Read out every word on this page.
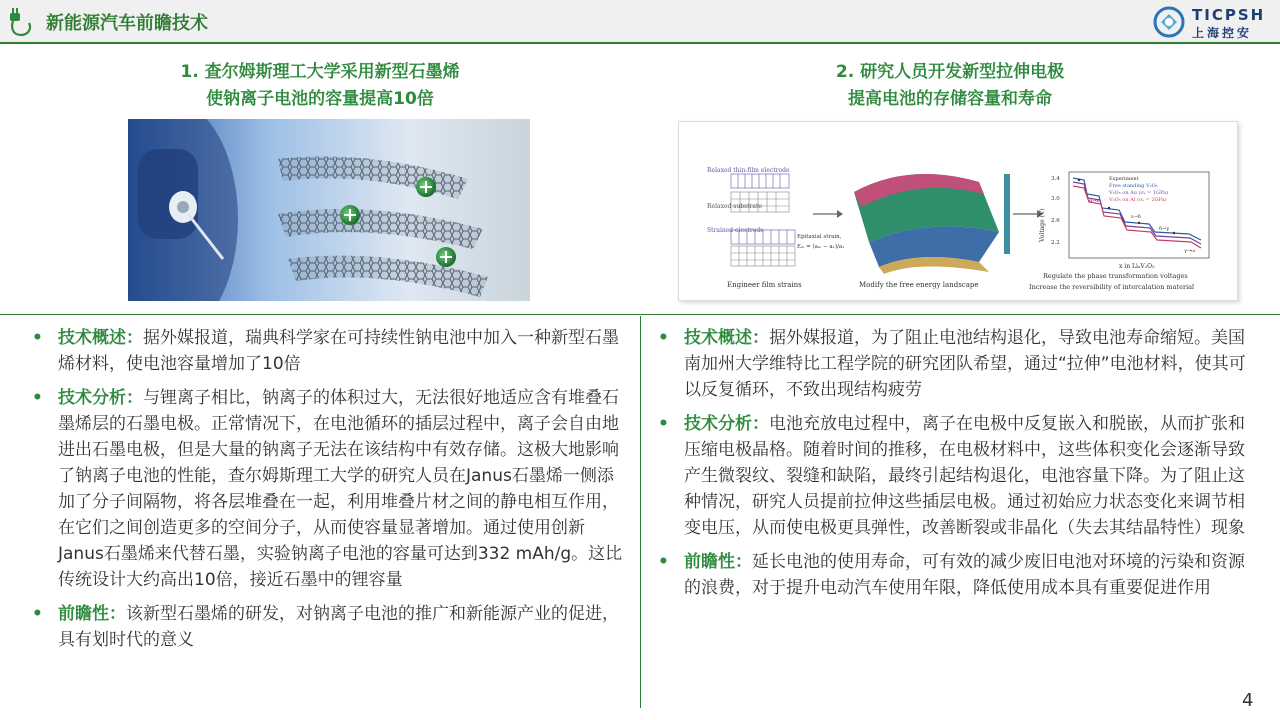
新能源汽车前瞻技术	TICPSH
上海控安
1. 查尔姆斯理工大学采用新型石墨烯
使钠离子电池的容量提高10倍
2. 研究人员开发新型拉伸电极
提高电池的存储容量和寿命
Relaxed thin-film electrode
Relaxed substrate
Strained electrode
Epitaxial strain,
Eₘ = (aₘ − a₁)/a₁
Engineer film strains	Modify the free energy landscape
3.4
3.0
2.6
2.2
Voltage (V)
x in LiₓV₂O₅
Experiment
Free standing V₂O₅
V₂O₅ on Au (σₛ = 1GPa)
V₂O₅ on Al (σₛ = 2GPa)
α→ε
ε→δ
δ→γ
γ→ω
Regulate the phase transformation voltages
Increase the reversibility of intercalation material
• 技术概述：据外媒报道，瑞典科学家在可持续性钠电池中加入一种新型石墨烯材料，使电池容量增加了10倍
• 技术分析：与锂离子相比，钠离子的体积过大，无法很好地适应含有堆叠石墨烯层的石墨电极。正常情况下，在电池循环的插层过程中，离子会自由地进出石墨电极，但是大量的钠离子无法在该结构中有效存储。这极大地影响了钠离子电池的性能，查尔姆斯理工大学的研究人员在Janus石墨烯一侧添加了分子间隔物，将各层堆叠在一起，利用堆叠片材之间的静电相互作用，在它们之间创造更多的空间分子，从而使容量显著增加。通过使用创新Janus石墨烯来代替石墨，实验钠离子电池的容量可达到332 mAh/g。这比传统设计大约高出10倍，接近石墨中的锂容量
• 前瞻性：该新型石墨烯的研发，对钠离子电池的推广和新能源产业的促进，具有划时代的意义
• 技术概述：据外媒报道，为了阻止电池结构退化，导致电池寿命缩短。美国南加州大学维特比工程学院的研究团队希望，通过“拉伸”电池材料，使其可以反复循环，不致出现结构疲劳
• 技术分析：电池充放电过程中，离子在电极中反复嵌入和脱嵌，从而扩张和压缩电极晶格。随着时间的推移，在电极材料中，这些体积变化会逐渐导致产生微裂纹、裂缝和缺陷，最终引起结构退化，电池容量下降。为了阻止这种情况，研究人员提前拉伸这些插层电极。通过初始应力状态变化来调节相变电压，从而使电极更具弹性，改善断裂或非晶化（失去其结晶特性）现象
• 前瞻性：延长电池的使用寿命，可有效的减少废旧电池对环境的污染和资源的浪费，对于提升电动汽车使用年限，降低使用成本具有重要促进作用
4
